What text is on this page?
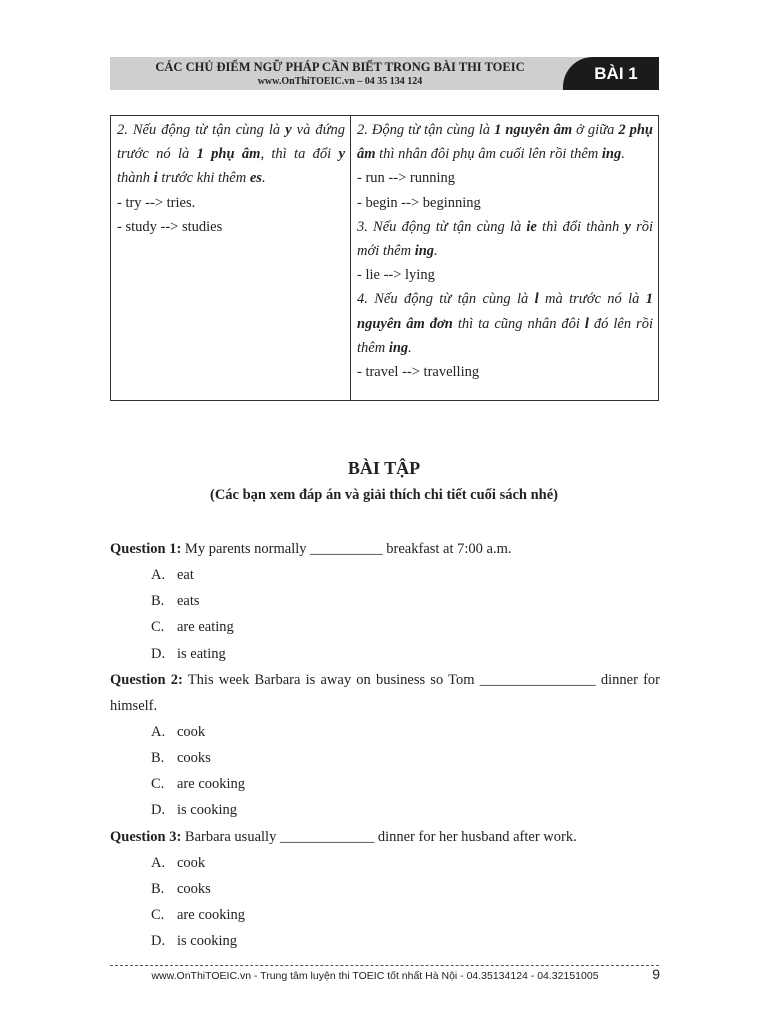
CÁC CHỦ ĐIỂM NGỮ PHÁP CẦN BIẾT TRONG BÀI THI TOEIC
www.OnThiTOEIC.vn – 04 35 134 124	BÀI 1

2. Nếu động từ tận cùng là y và đứng trước nó là 1 phụ âm, thì ta đổi y thành i trước khi thêm es.

- try --> tries.

- study --> studies

2. Động từ tận cùng là 1 nguyên âm ở giữa 2 phụ âm thì nhân đôi phụ âm cuối lên rồi thêm ing.

- run --> running

- begin --> beginning

3. Nếu động từ tận cùng là ie thì đổi thành y rồi mới thêm ing.

- lie --> lying

4. Nếu động từ tận cùng là l mà trước nó là 1 nguyên âm đơn thì ta cũng nhân đôi l đó lên rồi thêm ing.

- travel --> travelling

BÀI TẬP
(Các bạn xem đáp án và giải thích chi tiết cuối sách nhé)
Question 1: My parents normally __________ breakfast at 7:00 a.m.
A. eat
B. eats
C. are eating
D. is eating
Question 2: This week Barbara is away on business so Tom ________________ dinner for himself.
A. cook
B. cooks
C. are cooking
D. is cooking
Question 3: Barbara usually _____________ dinner for her husband after work.
A. cook
B. cooks
C. are cooking
D. is cooking
www.OnThiTOEIC.vn - Trung tâm luyện thi TOEIC tốt nhất Hà Nội - 04.35134124 - 04.32151005	9
